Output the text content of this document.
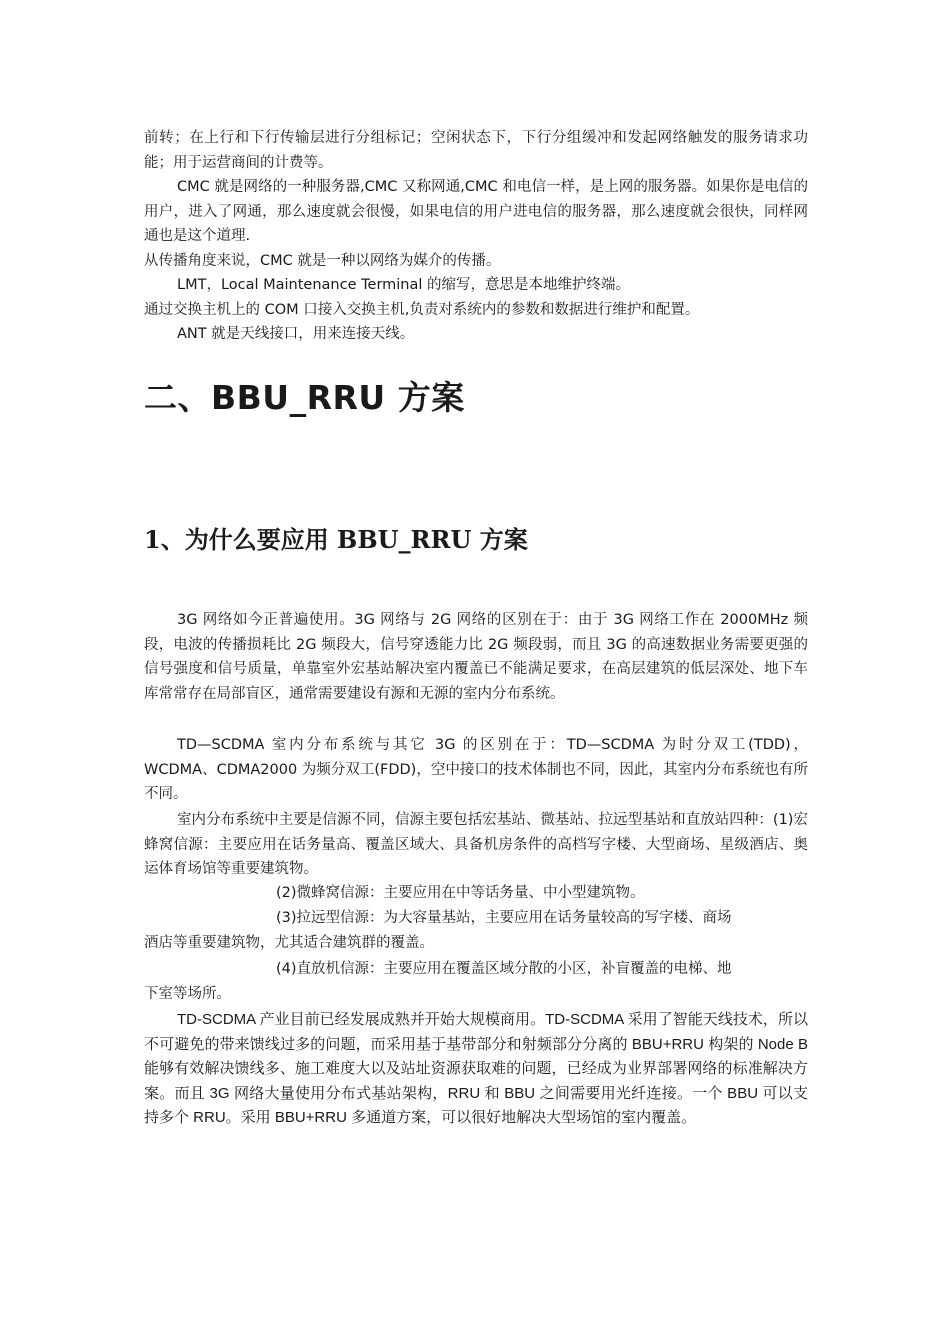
前转；在上行和下行传输层进行分组标记；空闲状态下，下行分组缓冲和发起网络触发的服务请求功能；用于运营商间的计费等。

CMC 就是网络的一种服务器,CMC 又称网通,CMC 和电信一样，是上网的服务器。如果你是电信的用户，进入了网通，那么速度就会很慢，如果电信的用户进电信的服务器，那么速度就会很快，同样网通也是这个道理.

从传播角度来说，CMC 就是一种以网络为媒介的传播。

LMT，Local Maintenance Terminal 的缩写，意思是本地维护终端。

通过交换主机上的 COM 口接入交换主机,负责对系统内的参数和数据进行维护和配置。

ANT 就是天线接口，用来连接天线。

二、BBU_RRU 方案
1、为什么要应用 BBU_RRU 方案

3G 网络如今正普遍使用。3G 网络与 2G 网络的区别在于：由于 3G 网络工作在 2000MHz 频段，电波的传播损耗比 2G 频段大，信号穿透能力比 2G 频段弱，而且 3G 的高速数据业务需要更强的信号强度和信号质量，单靠室外宏基站解决室内覆盖已不能满足要求，在高层建筑的低层深处、地下车库常常存在局部盲区，通常需要建设有源和无源的室内分布系统。

TD—SCDMA 室内分布系统与其它 3G 的区别在于：TD—SCDMA 为时分双工(TDD)，WCDMA、CDMA2000 为频分双工(FDD)，空中接口的技术体制也不同，因此，其室内分布系统也有所不同。

室内分布系统中主要是信源不同，信源主要包括宏基站、微基站、拉远型基站和直放站四种：(1)宏蜂窝信源：主要应用在话务量高、覆盖区域大、具备机房条件的高档写字楼、大型商场、星级酒店、奥运体育场馆等重要建筑物。

(2)微蜂窝信源：主要应用在中等话务量、中小型建筑物。

(3)拉远型信源：为大容量基站，主要应用在话务量较高的写字楼、商场

酒店等重要建筑物，尤其适合建筑群的覆盖。

(4)直放机信源：主要应用在覆盖区域分散的小区，补盲覆盖的电梯、地

下室等场所。

TD-SCDMA 产业目前已经发展成熟并开始大规模商用。TD-SCDMA 采用了智能天线技术，所以不可避免的带来馈线过多的问题，而采用基于基带部分和射频部分分离的 BBU+RRU 构架的 Node B 能够有效解决馈线多、施工难度大以及站址资源获取难的问题，已经成为业界部署网络的标准解决方案。而且 3G 网络大量使用分布式基站架构，RRU 和 BBU 之间需要用光纤连接。一个 BBU 可以支持多个 RRU。采用 BBU+RRU 多通道方案，可以很好地解决大型场馆的室内覆盖。
